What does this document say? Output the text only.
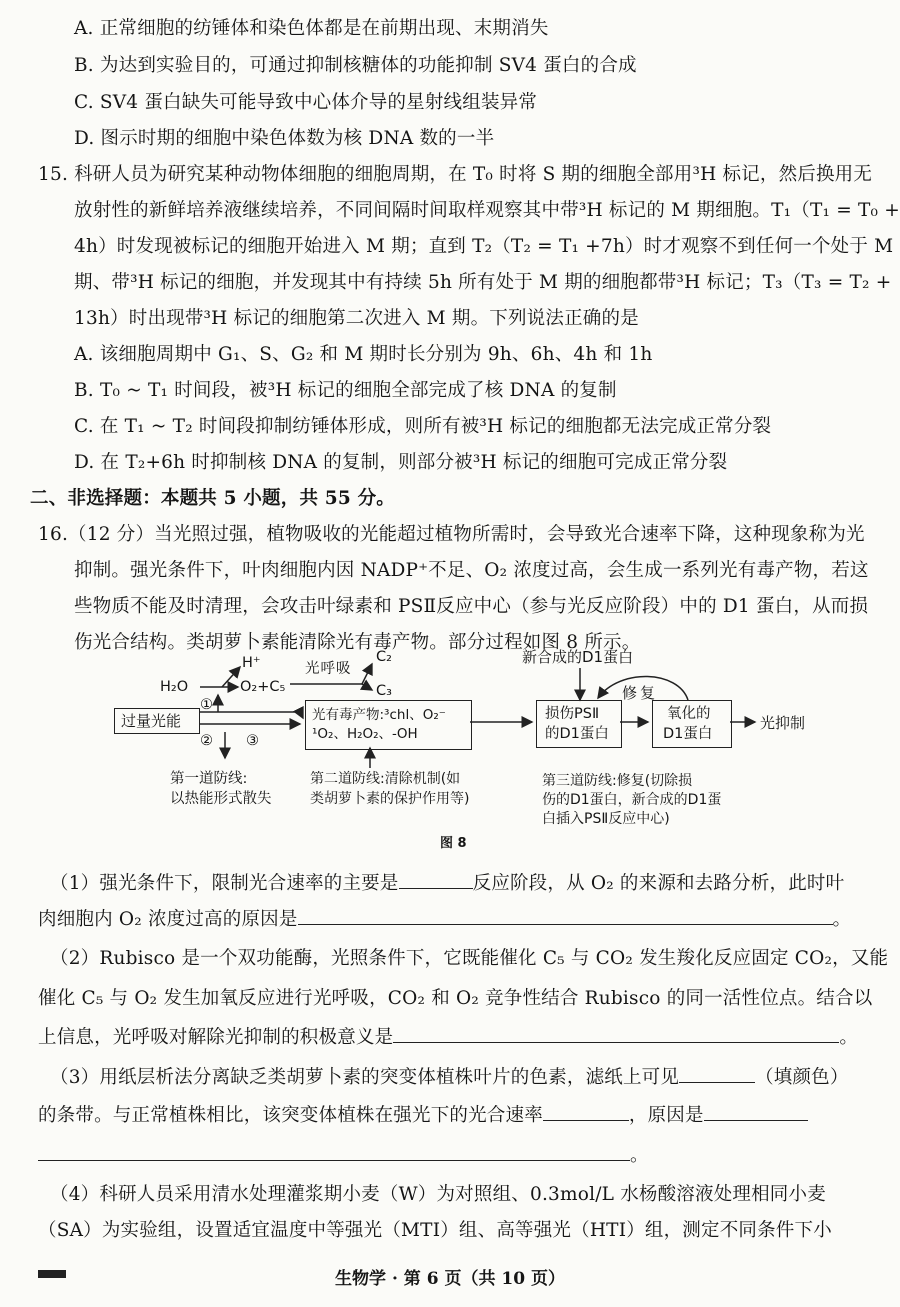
A. 正常细胞的纺锤体和染色体都是在前期出现、末期消失
B. 为达到实验目的，可通过抑制核糖体的功能抑制 SV4 蛋白的合成
C. SV4 蛋白缺失可能导致中心体介导的星射线组装异常
D. 图示时期的细胞中染色体数为核 DNA 数的一半
15. 科研人员为研究某种动物体细胞的细胞周期，在 T₀ 时将 S 期的细胞全部用³H 标记，然后换用无
放射性的新鲜培养液继续培养，不同间隔时间取样观察其中带³H 标记的 M 期细胞。T₁（T₁ = T₀ +
4h）时发现被标记的细胞开始进入 M 期；直到 T₂（T₂ = T₁ +7h）时才观察不到任何一个处于 M
期、带³H 标记的细胞，并发现其中有持续 5h 所有处于 M 期的细胞都带³H 标记；T₃（T₃ = T₂ +
13h）时出现带³H 标记的细胞第二次进入 M 期。下列说法正确的是
A. 该细胞周期中 G₁、S、G₂ 和 M 期时长分别为 9h、6h、4h 和 1h
B. T₀ ~ T₁ 时间段，被³H 标记的细胞全部完成了核 DNA 的复制
C. 在 T₁ ~ T₂ 时间段抑制纺锤体形成，则所有被³H 标记的细胞都无法完成正常分裂
D. 在 T₂+6h 时抑制核 DNA 的复制，则部分被³H 标记的细胞可完成正常分裂
二、非选择题：本题共 5 小题，共 55 分。
16.（12 分）当光照过强，植物吸收的光能超过植物所需时，会导致光合速率下降，这种现象称为光
抑制。强光条件下，叶肉细胞内因 NADP⁺不足、O₂ 浓度过高，会生成一系列光有毒产物，若这
些物质不能及时清理，会攻击叶绿素和 PSⅡ反应中心（参与光反应阶段）中的 D1 蛋白，从而损
伤光合结构。类胡萝卜素能清除光有毒产物。部分过程如图 8 所示。
H₂O
H⁺
O₂+C₅
光呼吸
C₂
C₃
①
② ③
过量光能	光有毒产物:³chl、O₂⁻
¹O₂、H₂O₂、-OH
损伤PSⅡ
的D1蛋白
氧化的
D1蛋白
光抑制
新合成的D1蛋白
修复
第一道防线:
以热能形式散失
第二道防线:清除机制(如
类胡萝卜素的保护作用等)
第三道防线:修复(切除损
伤的D1蛋白，新合成的D1蛋
白插入PSⅡ反应中心)
图 8
（1）强光条件下，限制光合速率的主要是	反应阶段，从 O₂ 的来源和去路分析，此时叶
肉细胞内 O₂ 浓度过高的原因是	。
（2）Rubisco 是一个双功能酶，光照条件下，它既能催化 C₅ 与 CO₂ 发生羧化反应固定 CO₂，又能
催化 C₅ 与 O₂ 发生加氧反应进行光呼吸，CO₂ 和 O₂ 竞争性结合 Rubisco 的同一活性位点。结合以
上信息，光呼吸对解除光抑制的积极意义是	。
（3）用纸层析法分离缺乏类胡萝卜素的突变体植株叶片的色素，滤纸上可见	（填颜色）
的条带。与正常植株相比，该突变体植株在强光下的光合速率	，原因是
。
（4）科研人员采用清水处理灌浆期小麦（W）为对照组、0.3mol/L 水杨酸溶液处理相同小麦
（SA）为实验组，设置适宜温度中等强光（MTI）组、高等强光（HTI）组，测定不同条件下小
生物学 · 第 6 页（共 10 页）
